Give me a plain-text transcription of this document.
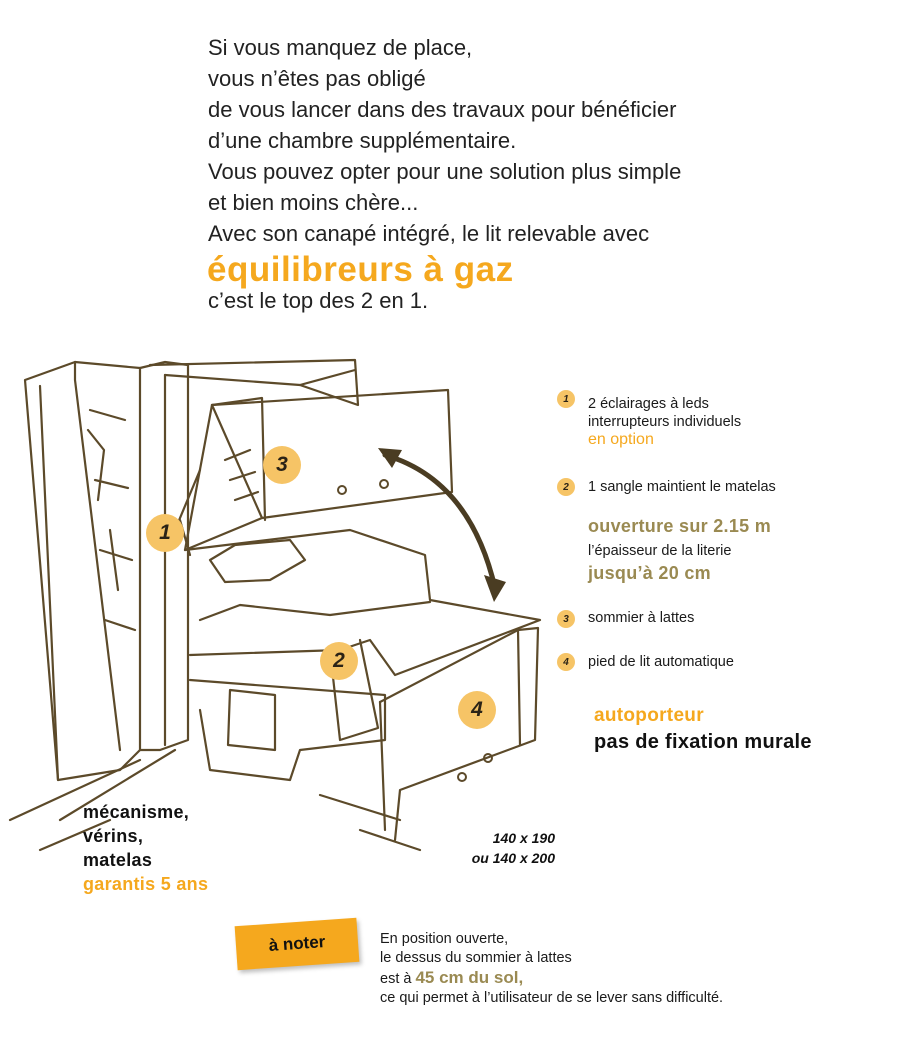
Si vous manquez de place,
vous n’êtes pas obligé
de vous lancer dans des travaux pour bénéficier
d’une chambre supplémentaire.
Vous pouvez opter pour une solution plus simple
et bien moins chère...
Avec son canapé intégré, le lit relevable avec
équilibreurs à gaz
c’est le top des 2 en 1.
1
2
3
4
1	2 éclairages à leds
interrupteurs individuels
en option
2	1 sangle maintient le matelas
ouverture sur 2.15 m
l’épaisseur de la literie
jusqu’à 20 cm
3	sommier à lattes
4	pied de lit automatique
autoporteur
pas de fixation murale
140 x 190
ou 140 x 200
mécanisme,
vérins,
matelas
garantis 5 ans
à noter	En position ouverte,
le dessus du sommier à lattes
est à 45 cm du sol,
ce qui permet à l’utilisateur de se lever sans difficulté.
